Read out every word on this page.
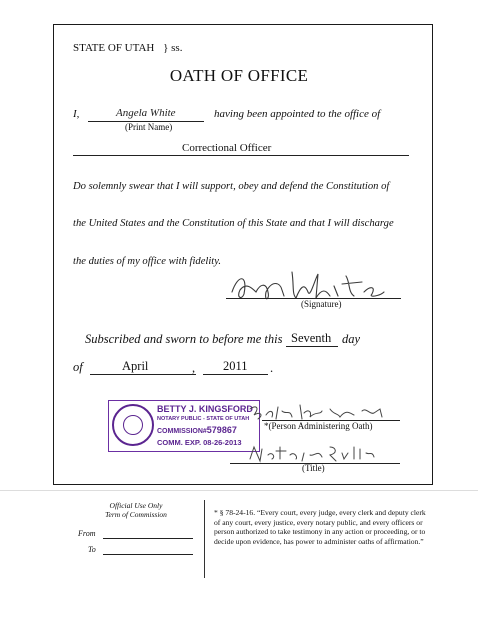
STATE OF UTAH } ss.
OATH OF OFFICE
I,	Angela White
(Print Name)
having been appointed to the office of
Correctional Officer
Do solemnly swear that I will support, obey and defend the Constitution of
the United States and the Constitution of this State and that I will discharge
the duties of my office with fidelity.
(Signature)
Subscribed and sworn to before me this Seventh day
of	April	, 2011 .
BETTY J. KINGSFORD
NOTARY PUBLIC - STATE OF UTAH
COMMISSION#579867
COMM. EXP. 08-26-2013
*(Person Administering Oath)
(Title)
Official Use Only
Term of Commission
From
To
* § 78-24-16. “Every court, every judge, every clerk and deputy clerk of any court, every justice, every notary public, and every officers or person authorized to take testimony in any action or proceeding, or to decide upon evidence, has power to administer oaths of affirmation.”
